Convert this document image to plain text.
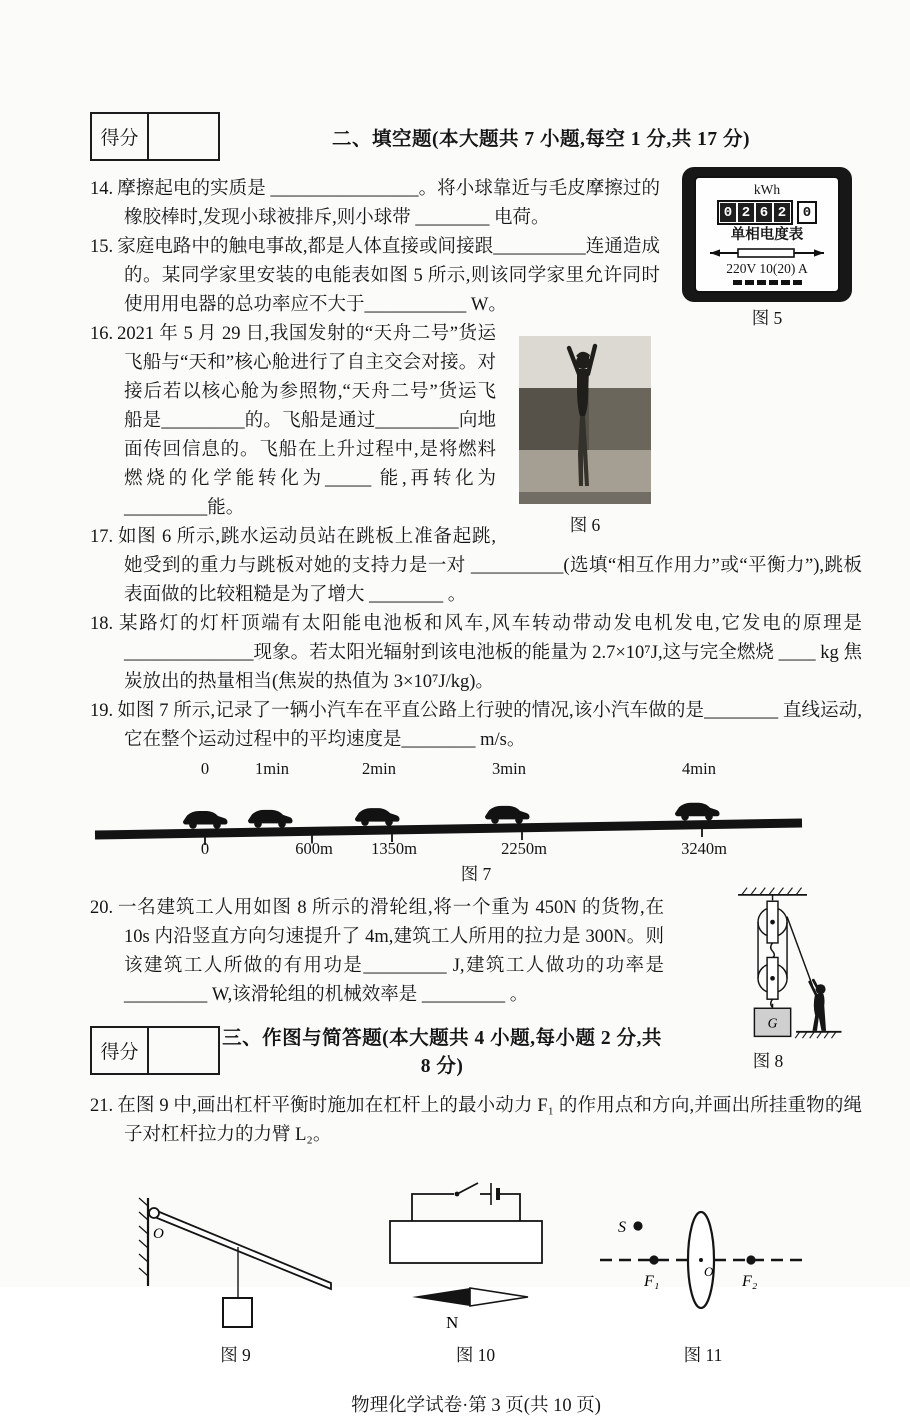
得分	二、填空题(本大题共 7 小题,每空 1 分,共 17 分)
kWh
0 2 6 2	0
单相电度表
220V 10(20) A
图 5
14. 摩擦起电的实质是 ________________。将小球靠近与毛皮摩擦过的橡胶棒时,发现小球被排斥,则小球带 ________ 电荷。
15. 家庭电路中的触电事故,都是人体直接或间接跟__________连通造成的。某同学家里安装的电能表如图 5 所示,则该同学家里允许同时使用用电器的总功率应不大于___________ W。
图 6
16. 2021 年 5 月 29 日,我国发射的“天舟二号”货运飞船与“天和”核心舱进行了自主交会对接。对接后若以核心舱为参照物,“天舟二号”货运飞船是_________的。飞船是通过_________向地面传回信息的。飞船在上升过程中,是将燃料燃烧的化学能转化为_____ 能,再转化为_________能。
17. 如图 6 所示,跳水运动员站在跳板上准备起跳,她受到的重力与跳板对她的支持力是一对 __________(选填“相互作用力”或“平衡力”),跳板表面做的比较粗糙是为了增大 ________ 。
18. 某路灯的灯杆顶端有太阳能电池板和风车,风车转动带动发电机发电,它发电的原理是 ______________现象。若太阳光辐射到该电池板的能量为 2.7×10⁷J,这与完全燃烧 ____ kg 焦炭放出的热量相当(焦炭的热值为 3×10⁷J/kg)。
19. 如图 7 所示,记录了一辆小汽车在平直公路上行驶的情况,该小汽车做的是________ 直线运动,它在整个运动过程中的平均速度是________ m/s。
0	1min	2min	3min	4min
0	600m 1350m	2250m	3240m
图 7
G
图 8
20. 一名建筑工人用如图 8 所示的滑轮组,将一个重为 450N 的货物,在 10s 内沿竖直方向匀速提升了 4m,建筑工人所用的拉力是 300N。则该建筑工人所做的有用功是_________ J,建筑工人做功的功率是_________ W,该滑轮组的机械效率是 _________ 。
得分
三、作图与简答题(本大题共 4 小题,每小题 2 分,共 8 分)
21. 在图 9 中,画出杠杆平衡时施加在杠杆上的最小动力 F₁ 的作用点和方向,并画出所挂重物的绳子对杠杆拉力的力臂 L₂。
O
图 9
N
图 10
S
F₁
O
F₂
图 11
物理化学试卷·第 3 页(共 10 页)
